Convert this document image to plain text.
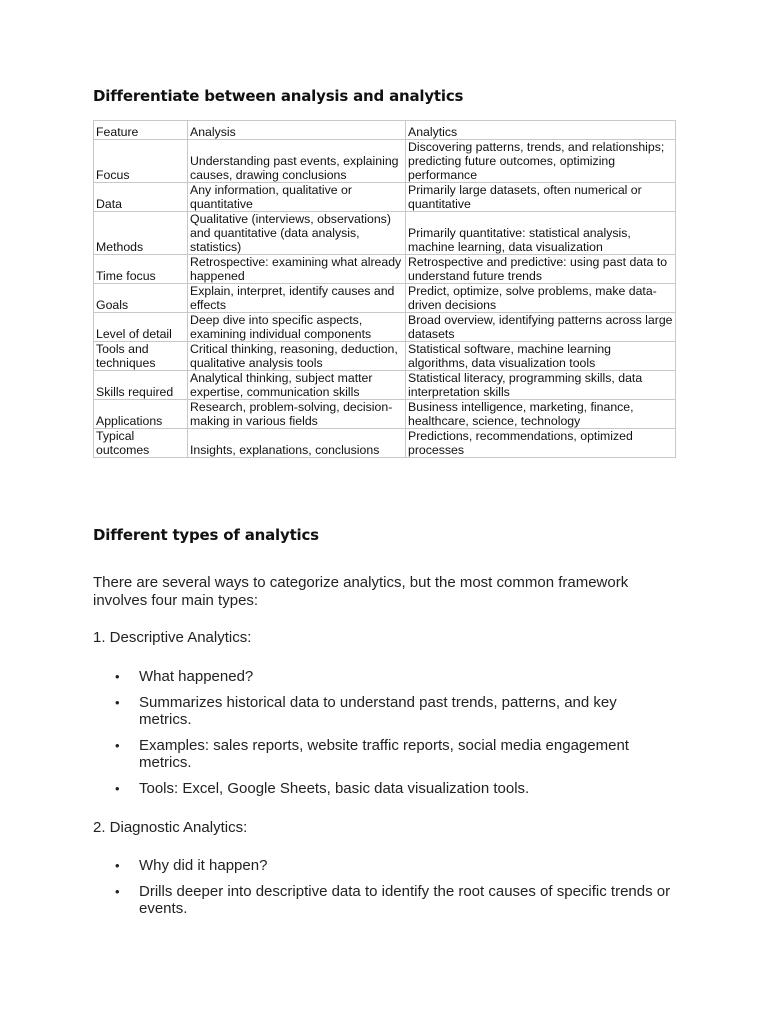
Differentiate between analysis and analytics
Feature	Analysis	Analytics
Focus	Understanding past events, explaining causes, drawing conclusions	Discovering patterns, trends, and relationships; predicting future outcomes, optimizing performance
Data	Any information, qualitative or quantitative	Primarily large datasets, often numerical or quantitative
Methods	Qualitative (interviews, observations) and quantitative (data analysis, statistics)	Primarily quantitative: statistical analysis, machine learning, data visualization
Time focus	Retrospective: examining what already happened	Retrospective and predictive: using past data to understand future trends
Goals	Explain, interpret, identify causes and effects	Predict, optimize, solve problems, make data-driven decisions
Level of detail	Deep dive into specific aspects, examining individual components	Broad overview, identifying patterns across large datasets
Tools and techniques	Critical thinking, reasoning, deduction, qualitative analysis tools	Statistical software, machine learning algorithms, data visualization tools
Skills required	Analytical thinking, subject matter expertise, communication skills	Statistical literacy, programming skills, data interpretation skills
Applications	Research, problem-solving, decision-making in various fields	Business intelligence, marketing, finance, healthcare, science, technology
Typical outcomes	Insights, explanations, conclusions	Predictions, recommendations, optimized processes
Different types of analytics
There are several ways to categorize analytics, but the most common framework involves four main types:
1. Descriptive Analytics:
• What happened?
• Summarizes historical data to understand past trends, patterns, and key metrics.
• Examples: sales reports, website traffic reports, social media engagement metrics.
• Tools: Excel, Google Sheets, basic data visualization tools.
2. Diagnostic Analytics:
• Why did it happen?
• Drills deeper into descriptive data to identify the root causes of specific trends or events.
